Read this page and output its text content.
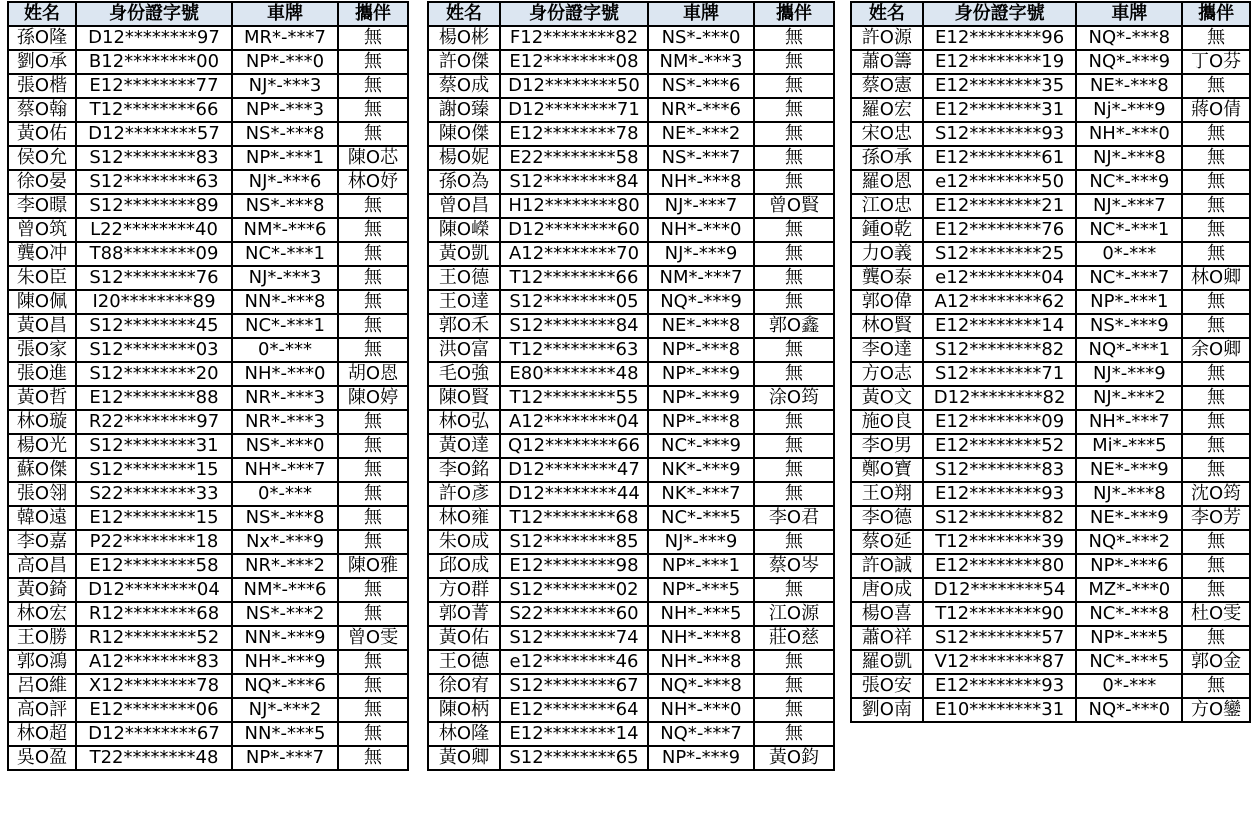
姓名	身份證字號	車牌	攜伴
孫O隆	D12********97	MR*-***7	無
劉O承	B12********00	NP*-***0	無
張O楷	E12********77	NJ*-***3	無
蔡O翰	T12********66	NP*-***3	無
黃O佑	D12********57	NS*-***8	無
侯O允	S12********83	NP*-***1	陳O芯
徐O晏	S12********63	NJ*-***6	林O妤
李O暻	S12********89	NS*-***8	無
曾O筑	L22********40	NM*-***6	無
龔O冲	T88********09	NC*-***1	無
朱O臣	S12********76	NJ*-***3	無
陳O佩	I20********89	NN*-***8	無
黃O昌	S12********45	NC*-***1	無
張O家	S12********03	0*-***	無
張O進	S12********20	NH*-***0	胡O恩
黃O哲	E12********88	NR*-***3	陳O婷
林O璇	R22********97	NR*-***3	無
楊O光	S12********31	NS*-***0	無
蘇O傑	S12********15	NH*-***7	無
張O翎	S22********33	0*-***	無
韓O遠	E12********15	NS*-***8	無
李O嘉	P22********18	Nx*-***9	無
高O昌	E12********58	NR*-***2	陳O雅
黃O錡	D12********04	NM*-***6	無
林O宏	R12********68	NS*-***2	無
王O勝	R12********52	NN*-***9	曾O雯
郭O鴻	A12********83	NH*-***9	無
呂O維	X12********78	NQ*-***6	無
高O評	E12********06	NJ*-***2	無
林O超	D12********67	NN*-***5	無
吳O盈	T22********48	NP*-***7	無
姓名	身份證字號	車牌	攜伴
楊O彬	F12********82	NS*-***0	無
許O傑	E12********08	NM*-***3	無
蔡O成	D12********50	NS*-***6	無
謝O臻	D12********71	NR*-***6	無
陳O傑	E12********78	NE*-***2	無
楊O妮	E22********58	NS*-***7	無
孫O為	S12********84	NH*-***8	無
曾O昌	H12********80	NJ*-***7	曾O賢
陳O嶸	D12********60	NH*-***0	無
黃O凱	A12********70	NJ*-***9	無
王O德	T12********66	NM*-***7	無
王O達	S12********05	NQ*-***9	無
郭O禾	S12********84	NE*-***8	郭O鑫
洪O富	T12********63	NP*-***8	無
毛O強	E80********48	NP*-***9	無
陳O賢	T12********55	NP*-***9	涂O筠
林O弘	A12********04	NP*-***8	無
黃O達	Q12********66	NC*-***9	無
李O銘	D12********47	NK*-***9	無
許O彥	D12********44	NK*-***7	無
林O雍	T12********68	NC*-***5	李O君
朱O成	S12********85	NJ*-***9	無
邱O成	E12********98	NP*-***1	蔡O岑
方O群	S12********02	NP*-***5	無
郭O菁	S22********60	NH*-***5	江O源
黃O佑	S12********74	NH*-***8	莊O慈
王O德	e12********46	NH*-***8	無
徐O宥	S12********67	NQ*-***8	無
陳O柄	E12********64	NH*-***0	無
林O隆	E12********14	NQ*-***7	無
黃O卿	S12********65	NP*-***9	黃O鈞
姓名	身份證字號	車牌	攜伴
許O源	E12********96	NQ*-***8	無
蕭O籌	E12********19	NQ*-***9	丁O芬
蔡O憲	E12********35	NE*-***8	無
羅O宏	E12********31	Nj*-***9	蔣O倩
宋O忠	S12********93	NH*-***0	無
孫O承	E12********61	NJ*-***8	無
羅O恩	e12********50	NC*-***9	無
江O忠	E12********21	NJ*-***7	無
鍾O乾	E12********76	NC*-***1	無
力O義	S12********25	0*-***	無
龔O泰	e12********04	NC*-***7	林O卿
郭O偉	A12********62	NP*-***1	無
林O賢	E12********14	NS*-***9	無
李O達	S12********82	NQ*-***1	余O卿
方O志	S12********71	NJ*-***9	無
黃O文	D12********82	NJ*-***2	無
施O良	E12********09	NH*-***7	無
李O男	E12********52	Mi*-***5	無
鄭O寶	S12********83	NE*-***9	無
王O翔	E12********93	NJ*-***8	沈O筠
李O德	S12********82	NE*-***9	李O芳
蔡O延	T12********39	NQ*-***2	無
許O誠	E12********80	NP*-***6	無
唐O成	D12********54	MZ*-***0	無
楊O喜	T12********90	NC*-***8	杜O雯
蕭O祥	S12********57	NP*-***5	無
羅O凱	V12********87	NC*-***5	郭O金
張O安	E12********93	0*-***	無
劉O南	E10********31	NQ*-***0	方O鑾
